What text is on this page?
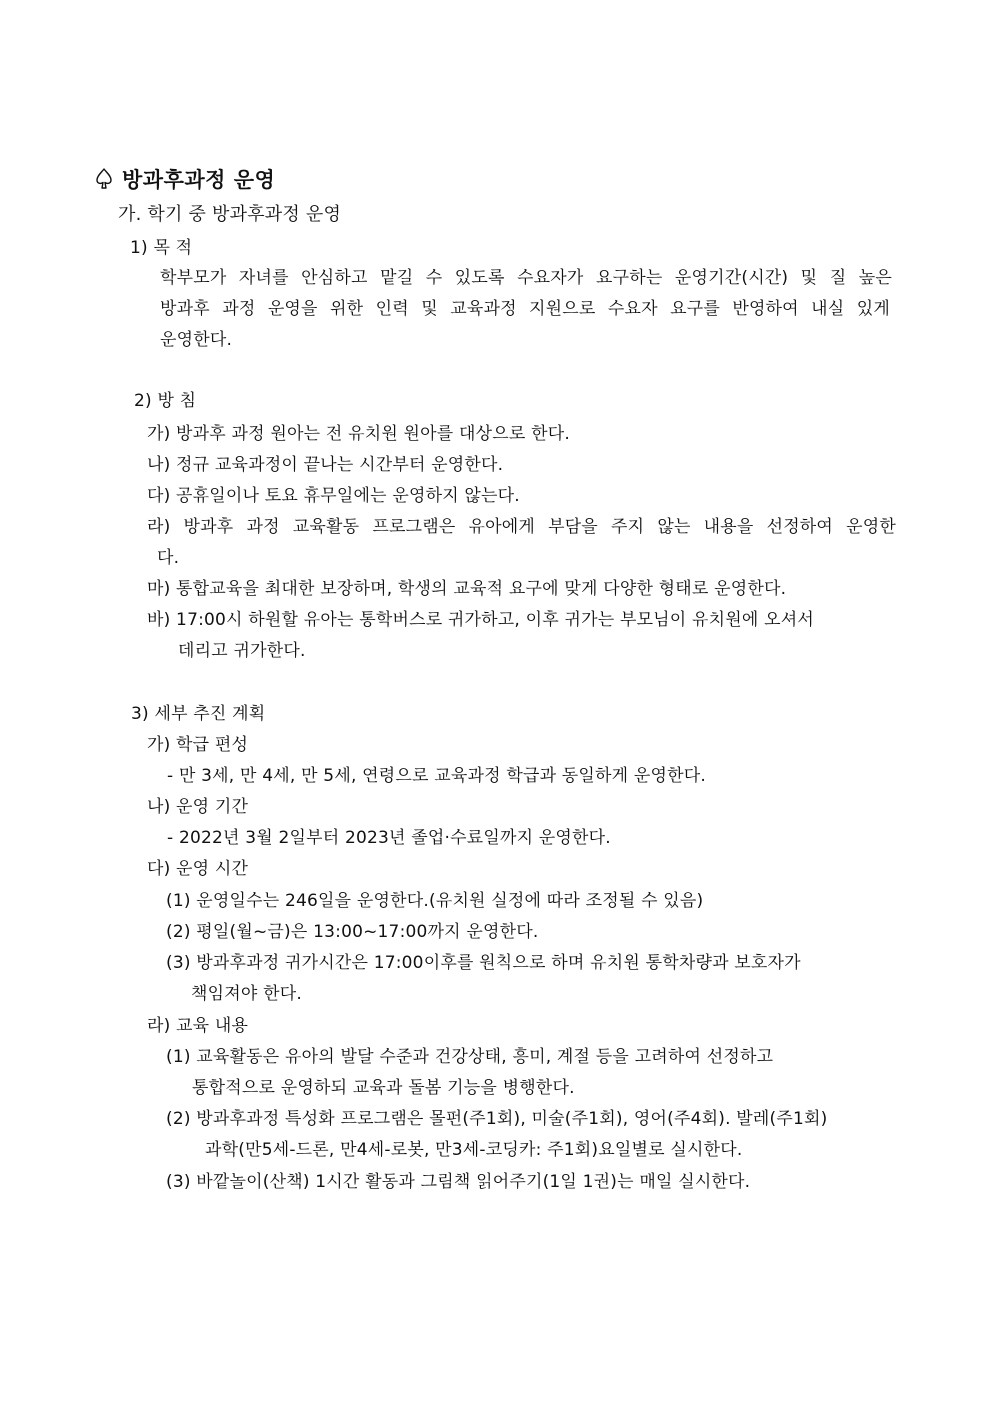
방과후과정 운영
가. 학기 중 방과후과정 운영
1) 목 적
학부모가 자녀를 안심하고 맡길 수 있도록 수요자가 요구하는 운영기간(시간) 및 질 높은
방과후 과정 운영을 위한 인력 및 교육과정 지원으로 수요자 요구를 반영하여 내실 있게
운영한다.
2) 방 침
가) 방과후 과정 원아는 전 유치원 원아를 대상으로 한다.
나) 정규 교육과정이 끝나는 시간부터 운영한다.
다) 공휴일이나 토요 휴무일에는 운영하지 않는다.
라) 방과후 과정 교육활동 프로그램은 유아에게 부담을 주지 않는 내용을 선정하여 운영한
다.
마) 통합교육을 최대한 보장하며, 학생의 교육적 요구에 맞게 다양한 형태로 운영한다.
바) 17:00시 하원할 유아는 통학버스로 귀가하고, 이후 귀가는 부모님이 유치원에 오셔서
데리고 귀가한다.
3) 세부 추진 계획
가) 학급 편성
- 만 3세, 만 4세, 만 5세, 연령으로 교육과정 학급과 동일하게 운영한다.
나) 운영 기간
- 2022년 3월 2일부터 2023년 졸업·수료일까지 운영한다.
다) 운영 시간
(1) 운영일수는 246일을 운영한다.(유치원 실정에 따라 조정될 수 있음)
(2) 평일(월~금)은 13:00~17:00까지 운영한다.
(3) 방과후과정 귀가시간은 17:00이후를 원칙으로 하며 유치원 통학차량과 보호자가
책임져야 한다.
라) 교육 내용
(1) 교육활동은 유아의 발달 수준과 건강상태, 흥미, 계절 등을 고려하여 선정하고
통합적으로 운영하되 교육과 돌봄 기능을 병행한다.
(2) 방과후과정 특성화 프로그램은 몰펀(주1회), 미술(주1회), 영어(주4회). 발레(주1회)
과학(만5세-드론, 만4세-로봇, 만3세-코딩카: 주1회)요일별로 실시한다.
(3) 바깥놀이(산책) 1시간 활동과 그림책 읽어주기(1일 1권)는 매일 실시한다.
